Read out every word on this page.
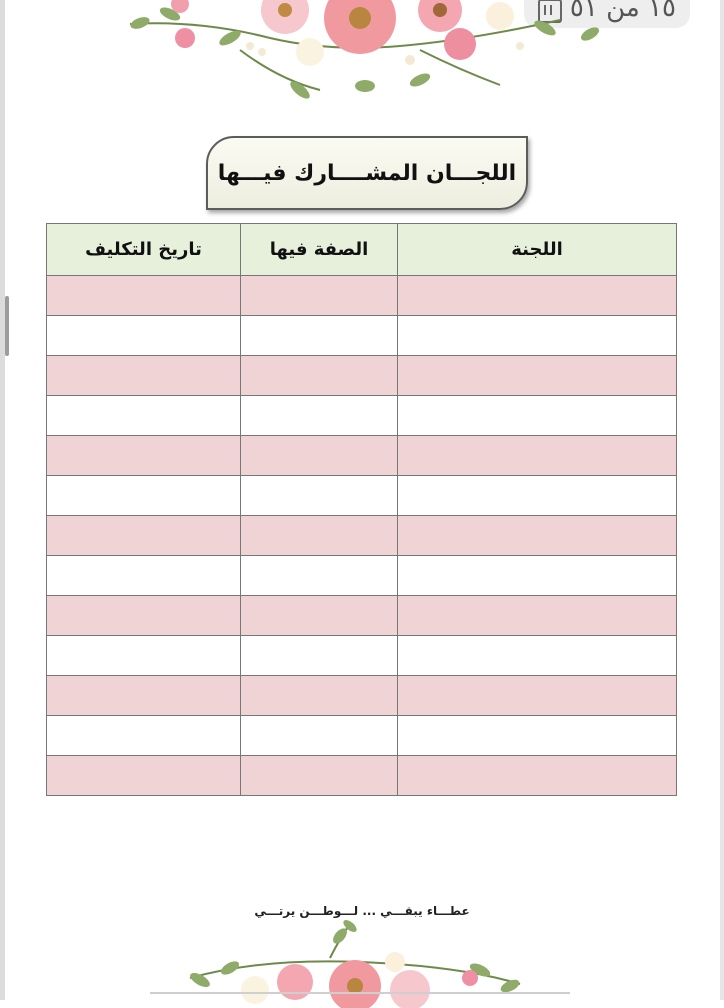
١٥ من ٥١
اللجـــان المشــــارك فيـــها
اللجنة	الصفة فيها	تاريخ التكليف

عطـــاء يبقـــي ... لـــوطـــن يرتـــي
